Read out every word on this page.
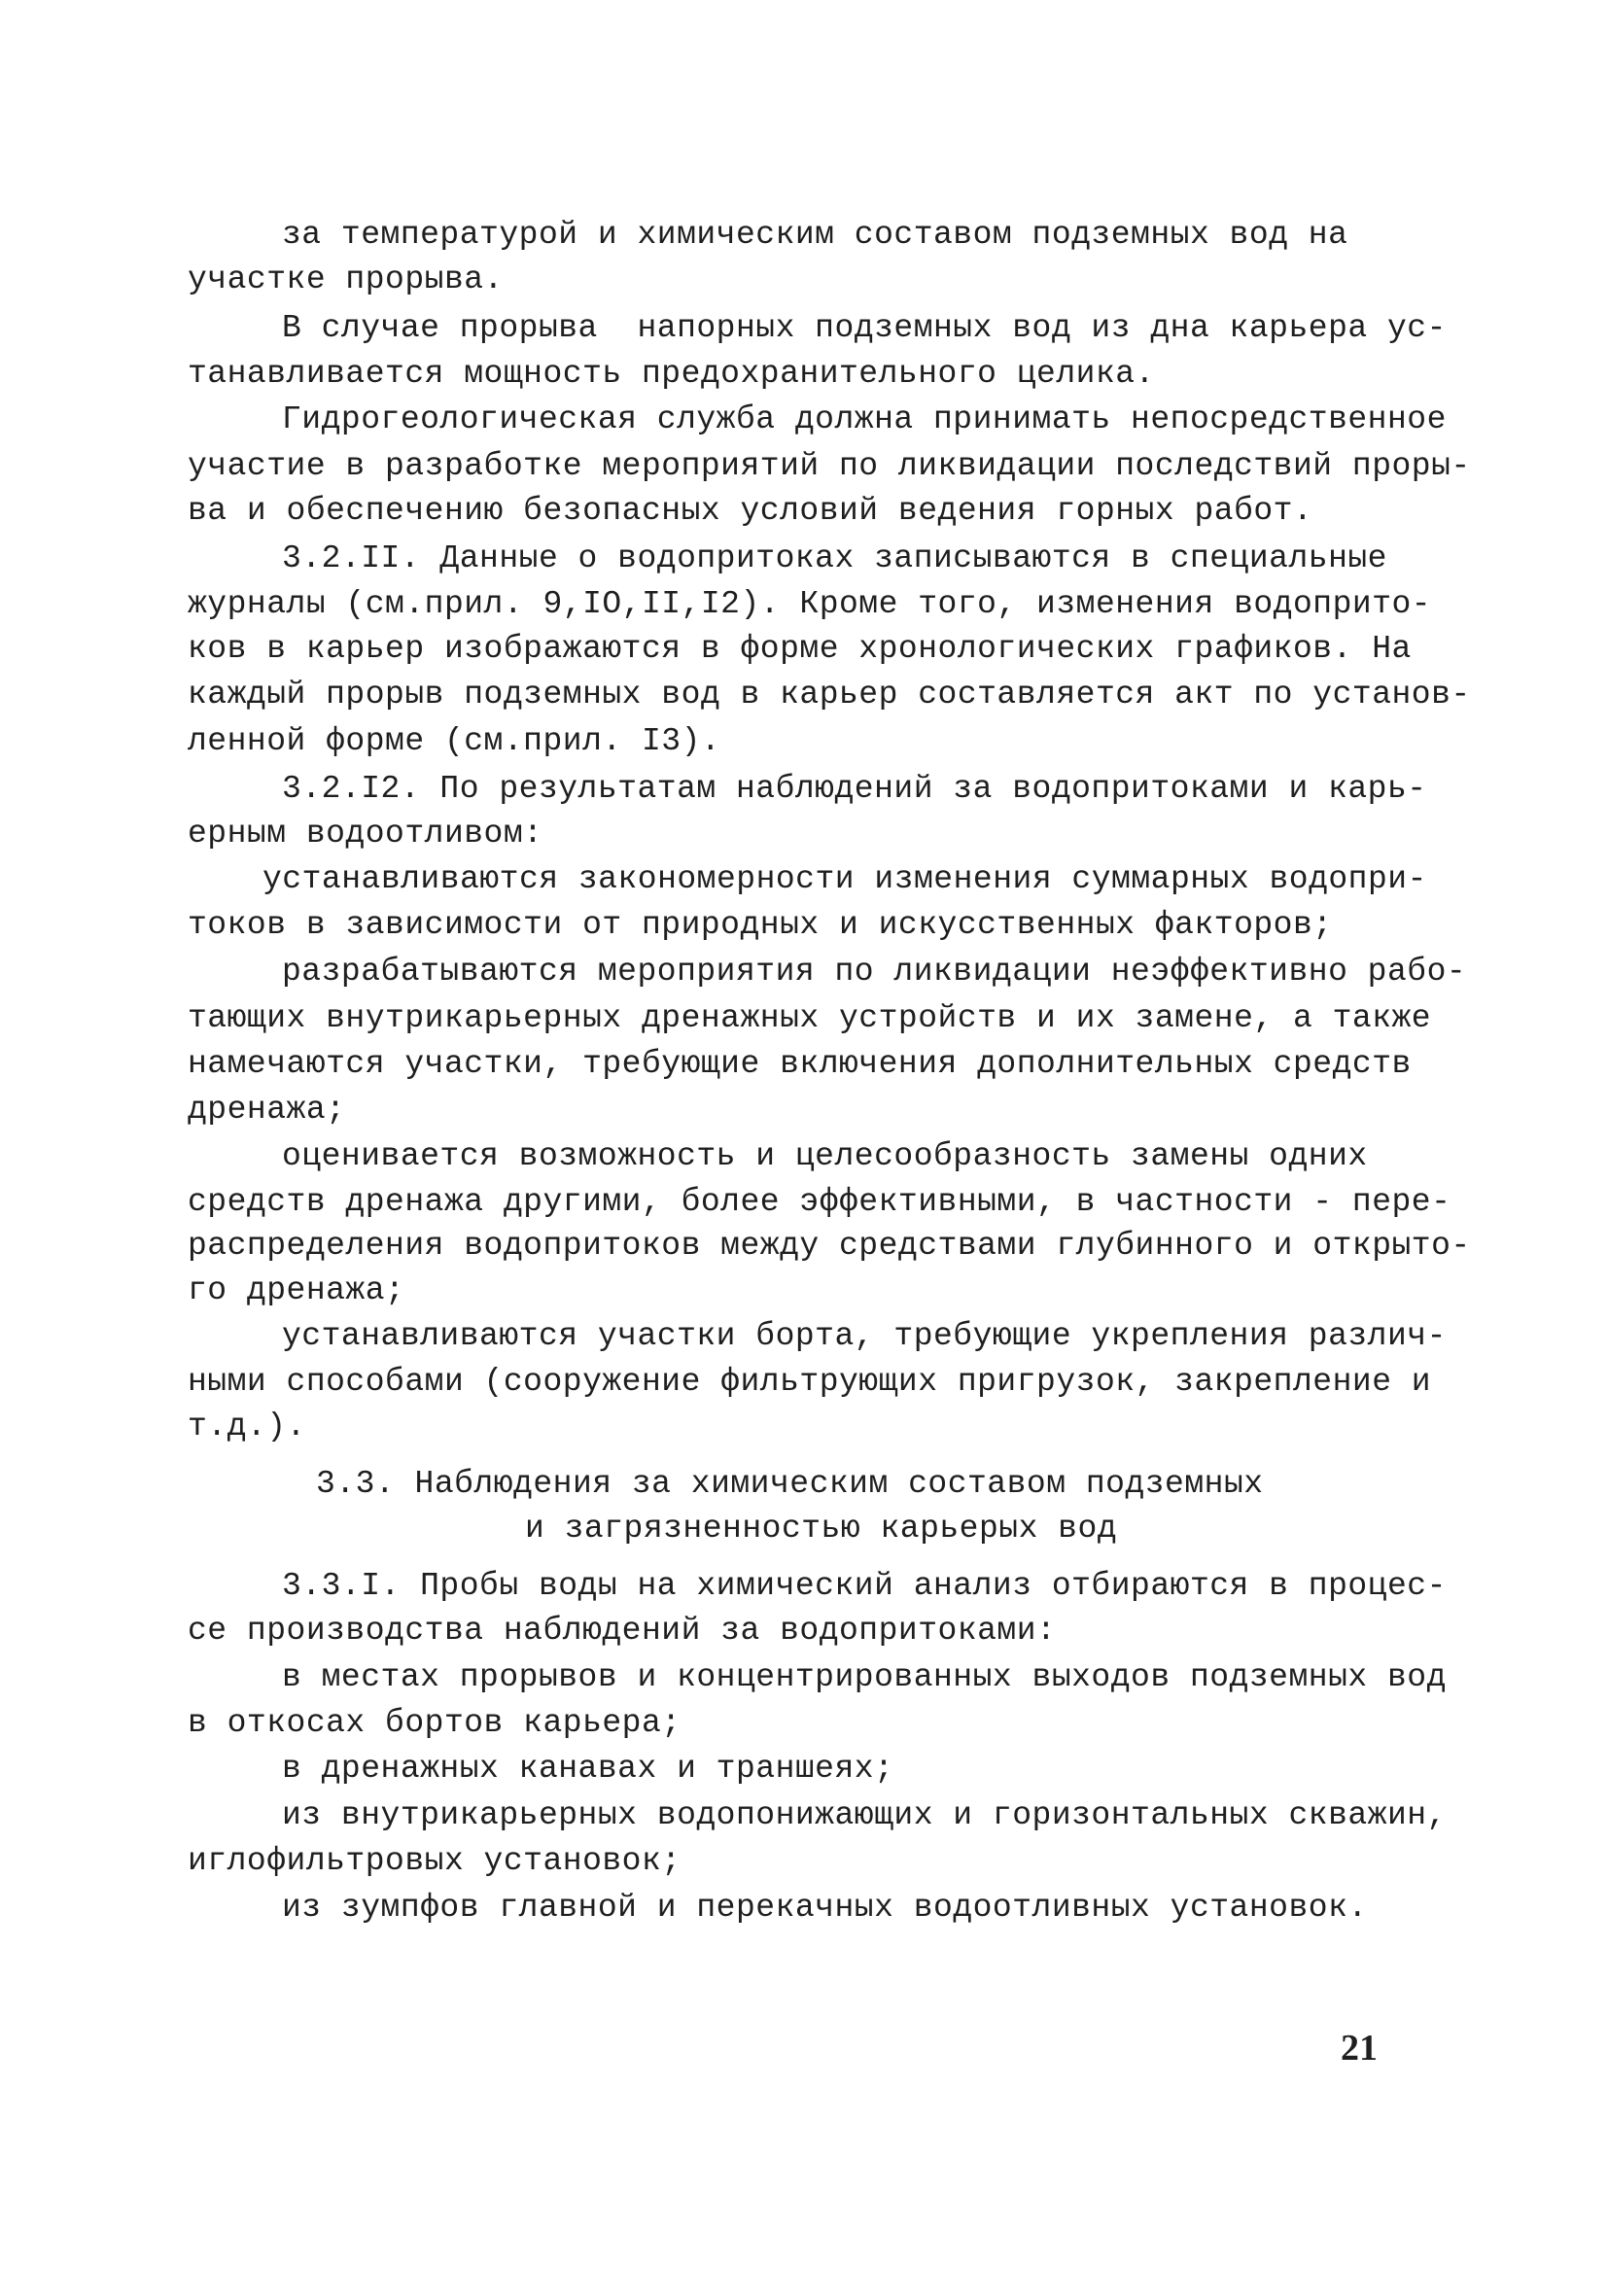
за температурой и химическим составом подземных вод на
участке прорыва.
В случае прорыва  напорных подземных вод из дна карьера ус-
танавливается мощность предохранительного целика.
Гидрогеологическая служба должна принимать непосредственное
участие в разработке мероприятий по ликвидации последствий проры-
ва и обеспечению безопасных условий ведения горных работ.
3.2.II. Данные о водопритоках записываются в специальные
журналы (см.прил. 9,IO,II,I2). Кроме того, изменения водоприто-
ков в карьер изображаются в форме хронологических графиков. На
каждый прорыв подземных вод в карьер составляется акт по установ-
ленной форме (см.прил. I3).
3.2.I2. По результатам наблюдений за водопритоками и карь-
ерным водоотливом:
устанавливаются закономерности изменения суммарных водопри-
токов в зависимости от природных и искусственных факторов;
разрабатываются мероприятия по ликвидации неэффективно рабо-
тающих внутрикарьерных дренажных устройств и их замене, а также
намечаются участки, требующие включения дополнительных средств
дренажа;
оценивается возможность и целесообразность замены одних
средств дренажа другими, более эффективными, в частности - пере-
распределения водопритоков между средствами глубинного и открыто-
го дренажа;
устанавливаются участки борта, требующие укрепления различ-
ными способами (сооружение фильтрующих пригрузок, закрепление и
т.д.).
3.3. Наблюдения за химическим составом подземных
и загрязненностью карьерых вод
3.3.I. Пробы воды на химический анализ отбираются в процес-
се производства наблюдений за водопритоками:
в местах прорывов и концентрированных выходов подземных вод
в откосах бортов карьера;
в дренажных канавах и траншеях;
из внутрикарьерных водопонижающих и горизонтальных скважин,
иглофильтровых установок;
из зумпфов главной и перекачных водоотливных установок.
21
